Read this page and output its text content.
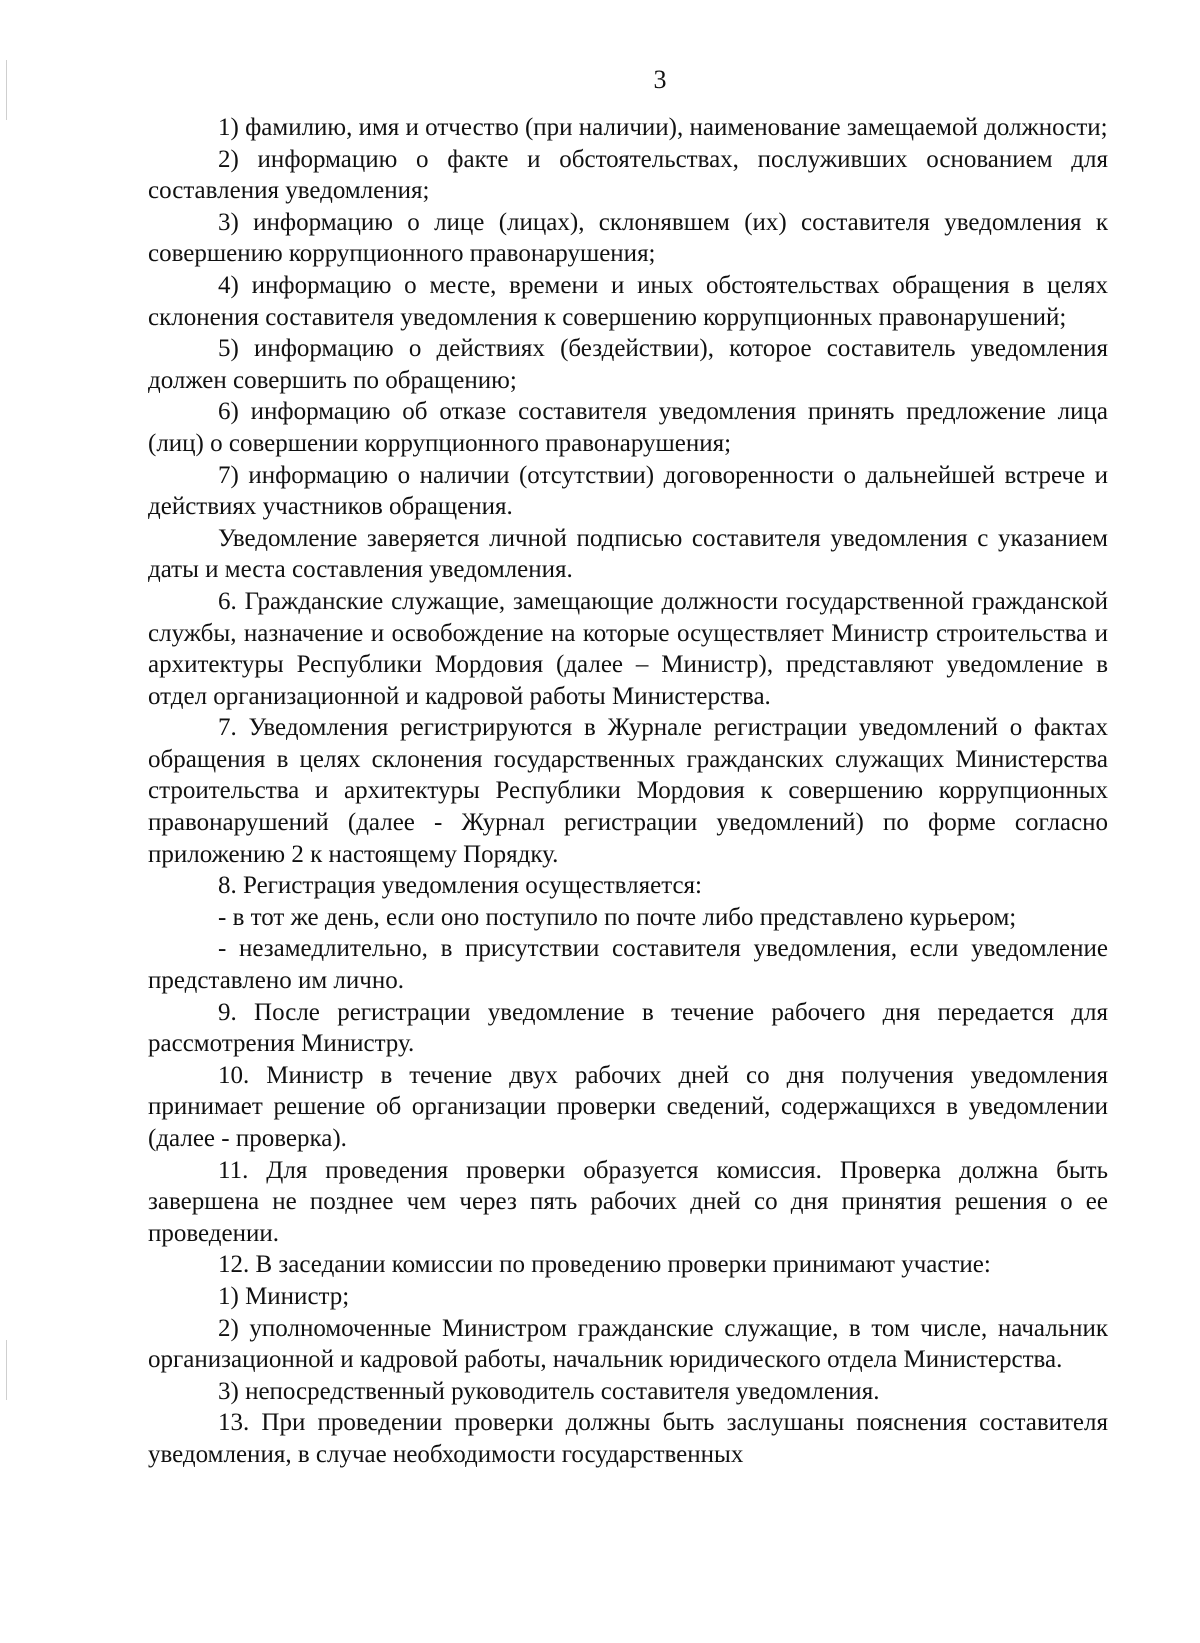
3

1) фамилию, имя и отчество (при наличии), наименование замещаемой должности;

2) информацию о факте и обстоятельствах, послуживших основанием для составления уведомления;

3) информацию о лице (лицах), склонявшем (их) составителя уведомления к совершению коррупционного правонарушения;

4) информацию о месте, времени и иных обстоятельствах обращения в целях склонения составителя уведомления к совершению коррупционных правонарушений;

5) информацию о действиях (бездействии), которое составитель уведомления должен совершить по обращению;

6) информацию об отказе составителя уведомления принять предложение лица (лиц) о совершении коррупционного правонарушения;

7) информацию о наличии (отсутствии) договоренности о дальнейшей встрече и действиях участников обращения.

Уведомление заверяется личной подписью составителя уведомления с указанием даты и места составления уведомления.

6. Гражданские служащие, замещающие должности государственной гражданской службы, назначение и освобождение на которые осуществляет Министр строительства и архитектуры Республики Мордовия (далее – Министр), представляют уведомление в отдел организационной и кадровой работы Министерства.

7. Уведомления регистрируются в Журнале регистрации уведомлений о фактах обращения в целях склонения государственных гражданских служащих Министерства строительства и архитектуры Республики Мордовия к совершению коррупционных правонарушений (далее - Журнал регистрации уведомлений) по форме согласно приложению 2 к настоящему Порядку.

8. Регистрация уведомления осуществляется:

- в тот же день, если оно поступило по почте либо представлено курьером;

- незамедлительно, в присутствии составителя уведомления, если уведомление представлено им лично.

9. После регистрации уведомление в течение рабочего дня передается для рассмотрения Министру.

10. Министр в течение двух рабочих дней со дня получения уведомления принимает решение об организации проверки сведений, содержащихся в уведомлении (далее - проверка).

11. Для проведения проверки образуется комиссия. Проверка должна быть завершена не позднее чем через пять рабочих дней со дня принятия решения о ее проведении.

12. В заседании комиссии по проведению проверки принимают участие:

1) Министр;

2) уполномоченные Министром гражданские служащие, в том числе, начальник организационной и кадровой работы, начальник юридического отдела Министерства.

3) непосредственный руководитель составителя уведомления.

13. При проведении проверки должны быть заслушаны пояснения составителя уведомления, в случае необходимости государственных
